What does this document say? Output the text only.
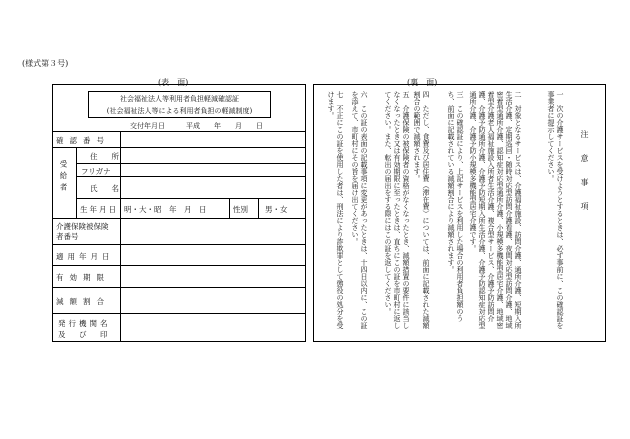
(様式第３号)
(表　面)	(裏　面)
社会福祉法人等利用者負担軽減確認証
(社会福祉法人等による利用者負担の軽減制度)
交付年月日　　　平成　　年　　月　　日
確認番号
受給者
住所
フリガナ
氏名
生年月日 明・大・昭　年　月　日	性別 男・女
介護保険被保険
者番号
適用年月日
有効期限
減額割合
発行機関名
及　び　印
注　意　事　項
一　次の介護サービスを受けようとするときは、必ず事前に、この確認証を事業者に提示してください。
二　対象となるサービスは、介護福祉施設、訪問介護、通所介護、短期入所生活介護、定期巡回・随時対応型訪問介護看護、夜間対応型訪問介護、地域密着型通所介護、認知症対応型通所介護、小規模多機能型居宅介護、地域密着型介護老人福祉施設入所者生活介護、複合型サービス、介護予防訪問介護、介護予防通所介護、介護予防短期入所生活介護、介護予防認知症対応型通所介護、介護予防小規模多機能型居宅介護です。
三　この確認証により、上記サービスを利用した場合の利用者負担額のうち、前面に記載されている減額割合により減額されます。
四　ただし、食費及び居住費（滞在費）については、前面に記載された減額割合の範囲で減額されます。
五　介護保険の被保険者の資格がなくなったとき、減額措置の要件に該当しなくなったとき又は有効期限に至ったときは、直ちにこの証を市町村に返してください。また、転出の届出をする際にはこの証を返してください。
六　この証の表面の記載事項に変更があったときは、十四日以内に、この証を添えて、市町村にその旨を届け出てください。
七　不正にこの証を使用した者は、刑法により詐欺罪として懲役の処分を受けます。
